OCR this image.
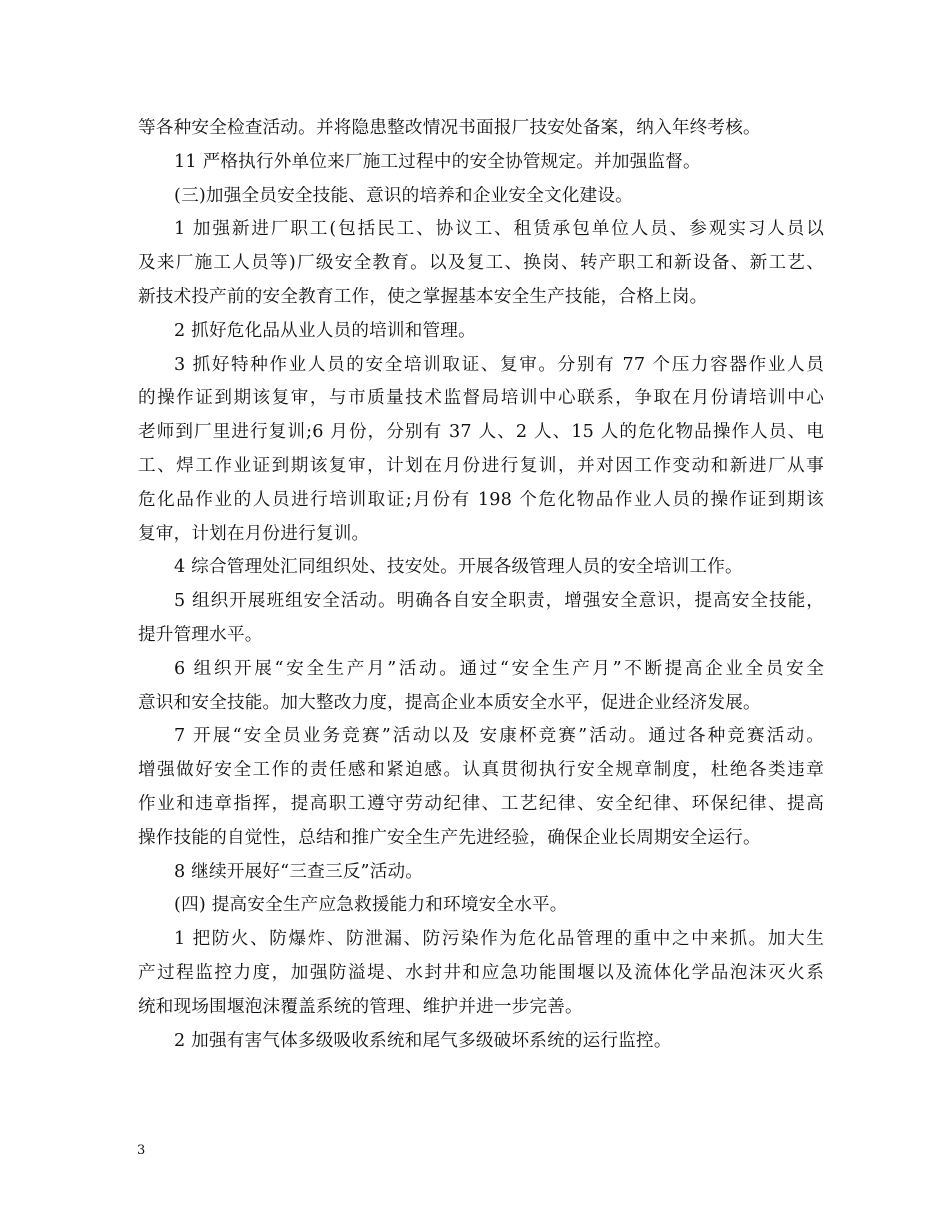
等各种安全检查活动。并将隐患整改情况书面报厂技安处备案，纳入年终考核。
11 严格执行外单位来厂施工过程中的安全协管规定。并加强监督。
(三)加强全员安全技能、意识的培养和企业安全文化建设。
1 加强新进厂职工(包括民工、协议工、租赁承包单位人员、参观实习人员以
及来厂施工人员等)厂级安全教育。以及复工、换岗、转产职工和新设备、新工艺、
新技术投产前的安全教育工作，使之掌握基本安全生产技能，合格上岗。
2 抓好危化品从业人员的培训和管理。
3 抓好特种作业人员的安全培训取证、复审。分别有 77 个压力容器作业人员
的操作证到期该复审，与市质量技术监督局培训中心联系，争取在月份请培训中心
老师到厂里进行复训;6 月份，分别有 37 人、2 人、15 人的危化物品操作人员、电
工、焊工作业证到期该复审，计划在月份进行复训，并对因工作变动和新进厂从事
危化品作业的人员进行培训取证;月份有 198 个危化物品作业人员的操作证到期该
复审，计划在月份进行复训。
4 综合管理处汇同组织处、技安处。开展各级管理人员的安全培训工作。
5 组织开展班组安全活动。明确各自安全职责，增强安全意识，提高安全技能，
提升管理水平。
6 组织开展“安全生产月”活动。通过“安全生产月”不断提高企业全员安全
意识和安全技能。加大整改力度，提高企业本质安全水平，促进企业经济发展。
7 开展“安全员业务竞赛”活动以及 安康杯竞赛”活动。通过各种竞赛活动。
增强做好安全工作的责任感和紧迫感。认真贯彻执行安全规章制度，杜绝各类违章
作业和违章指挥，提高职工遵守劳动纪律、工艺纪律、安全纪律、环保纪律、提高
操作技能的自觉性，总结和推广安全生产先进经验，确保企业长周期安全运行。
8 继续开展好“三查三反”活动。
(四) 提高安全生产应急救援能力和环境安全水平。
1 把防火、防爆炸、防泄漏、防污染作为危化品管理的重中之中来抓。加大生
产过程监控力度，加强防溢堤、水封井和应急功能围堰以及流体化学品泡沫灭火系
统和现场围堰泡沫覆盖系统的管理、维护并进一步完善。
2 加强有害气体多级吸收系统和尾气多级破坏系统的运行监控。
3
